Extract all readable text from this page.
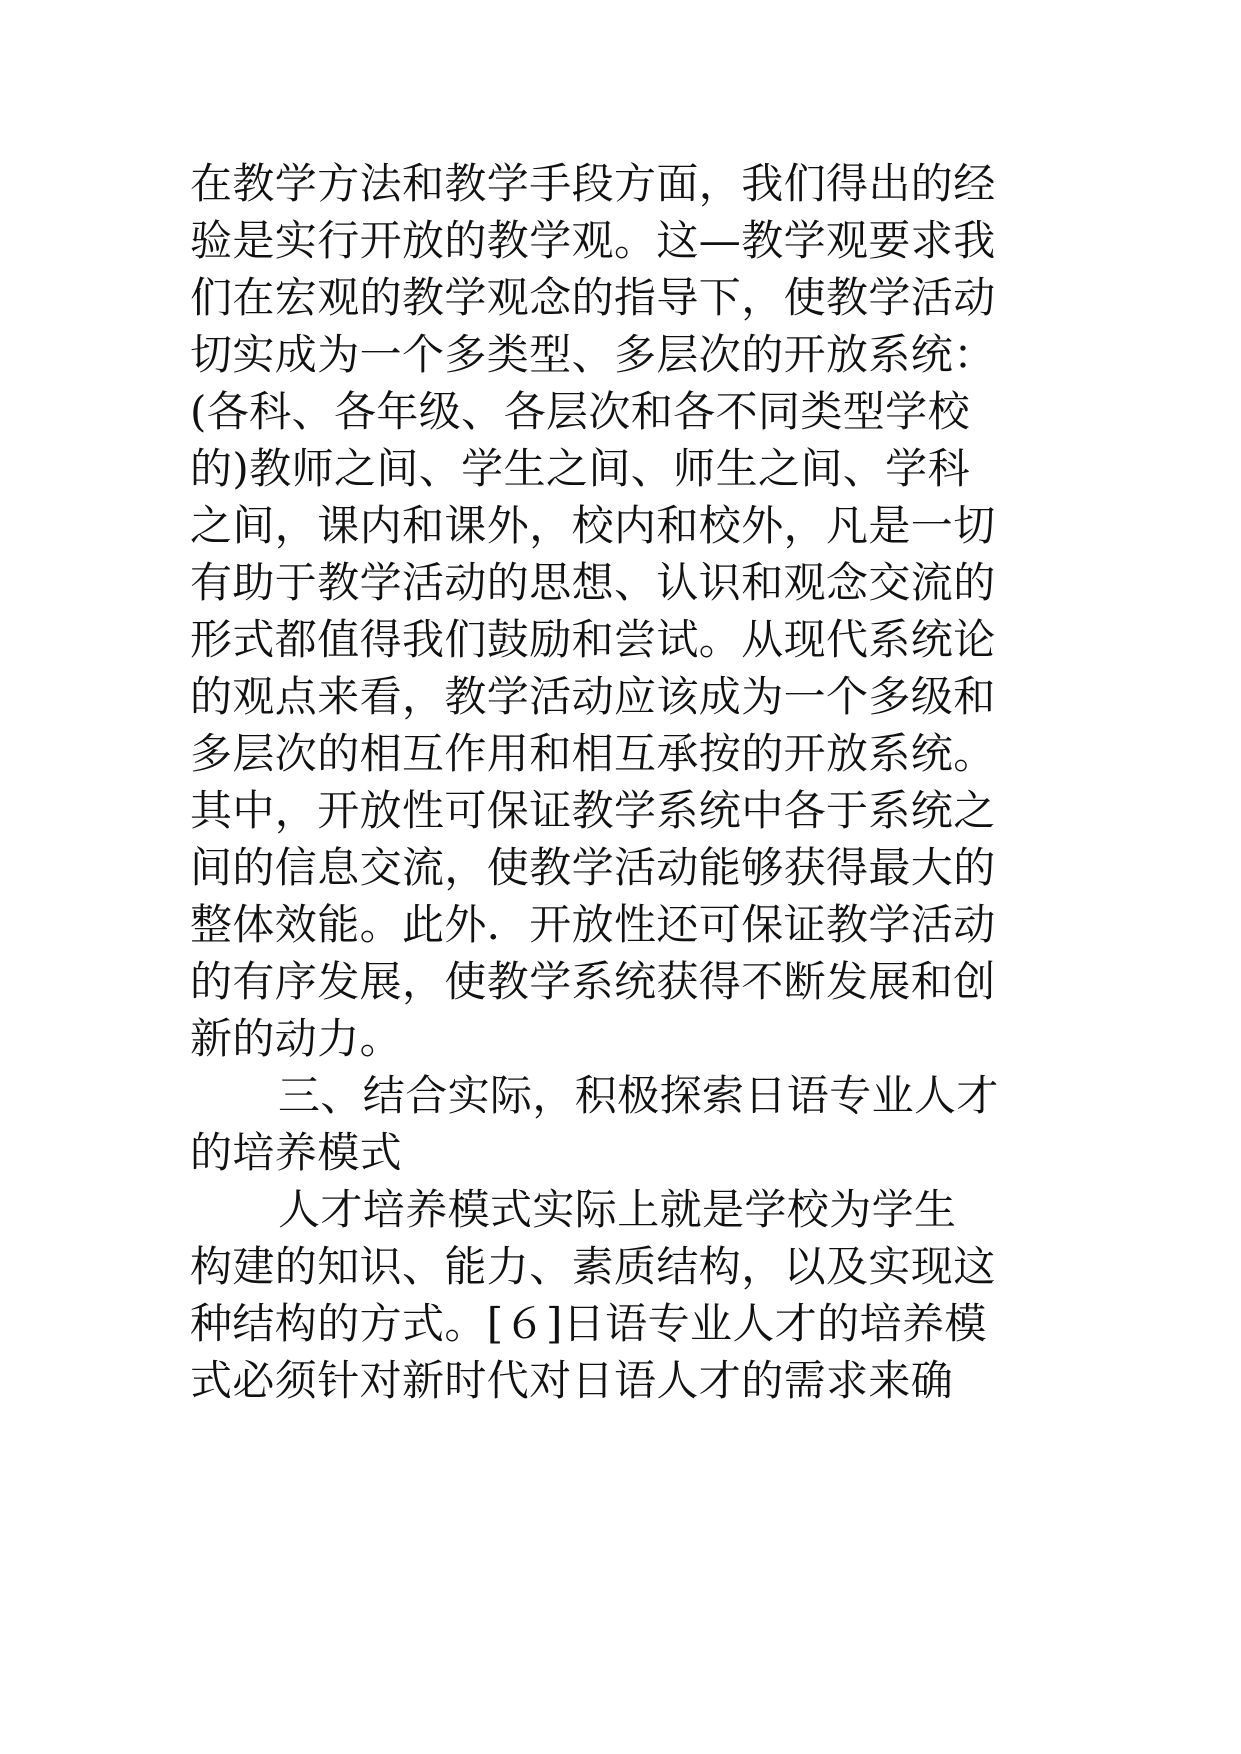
在教学方法和教学手段方面，我们得出的经
验是实行开放的教学观。这—教学观要求我
们在宏观的教学观念的指导下，使教学活动
切实成为一个多类型、多层次的开放系统：
(各科、各年级、各层次和各不同类型学校
的)教师之间、学生之间、师生之间、学科
之间，课内和课外，校内和校外，凡是一切
有助于教学活动的思想、认识和观念交流的
形式都值得我们鼓励和尝试。从现代系统论
的观点来看，教学活动应该成为一个多级和
多层次的相互作用和相互承按的开放系统。
其中，开放性可保证教学系统中各于系统之
间的信息交流，使教学活动能够获得最大的
整体效能。此外．开放性还可保证教学活动
的有序发展，使教学系统获得不断发展和创
新的动力。
三、结合实际，积极探索日语专业人才
的培养模式
人才培养模式实际上就是学校为学生
构建的知识、能力、素质结构，以及实现这
种结构的方式。[６]日语专业人才的培养模
式必须针对新时代对日语人才的需求来确
